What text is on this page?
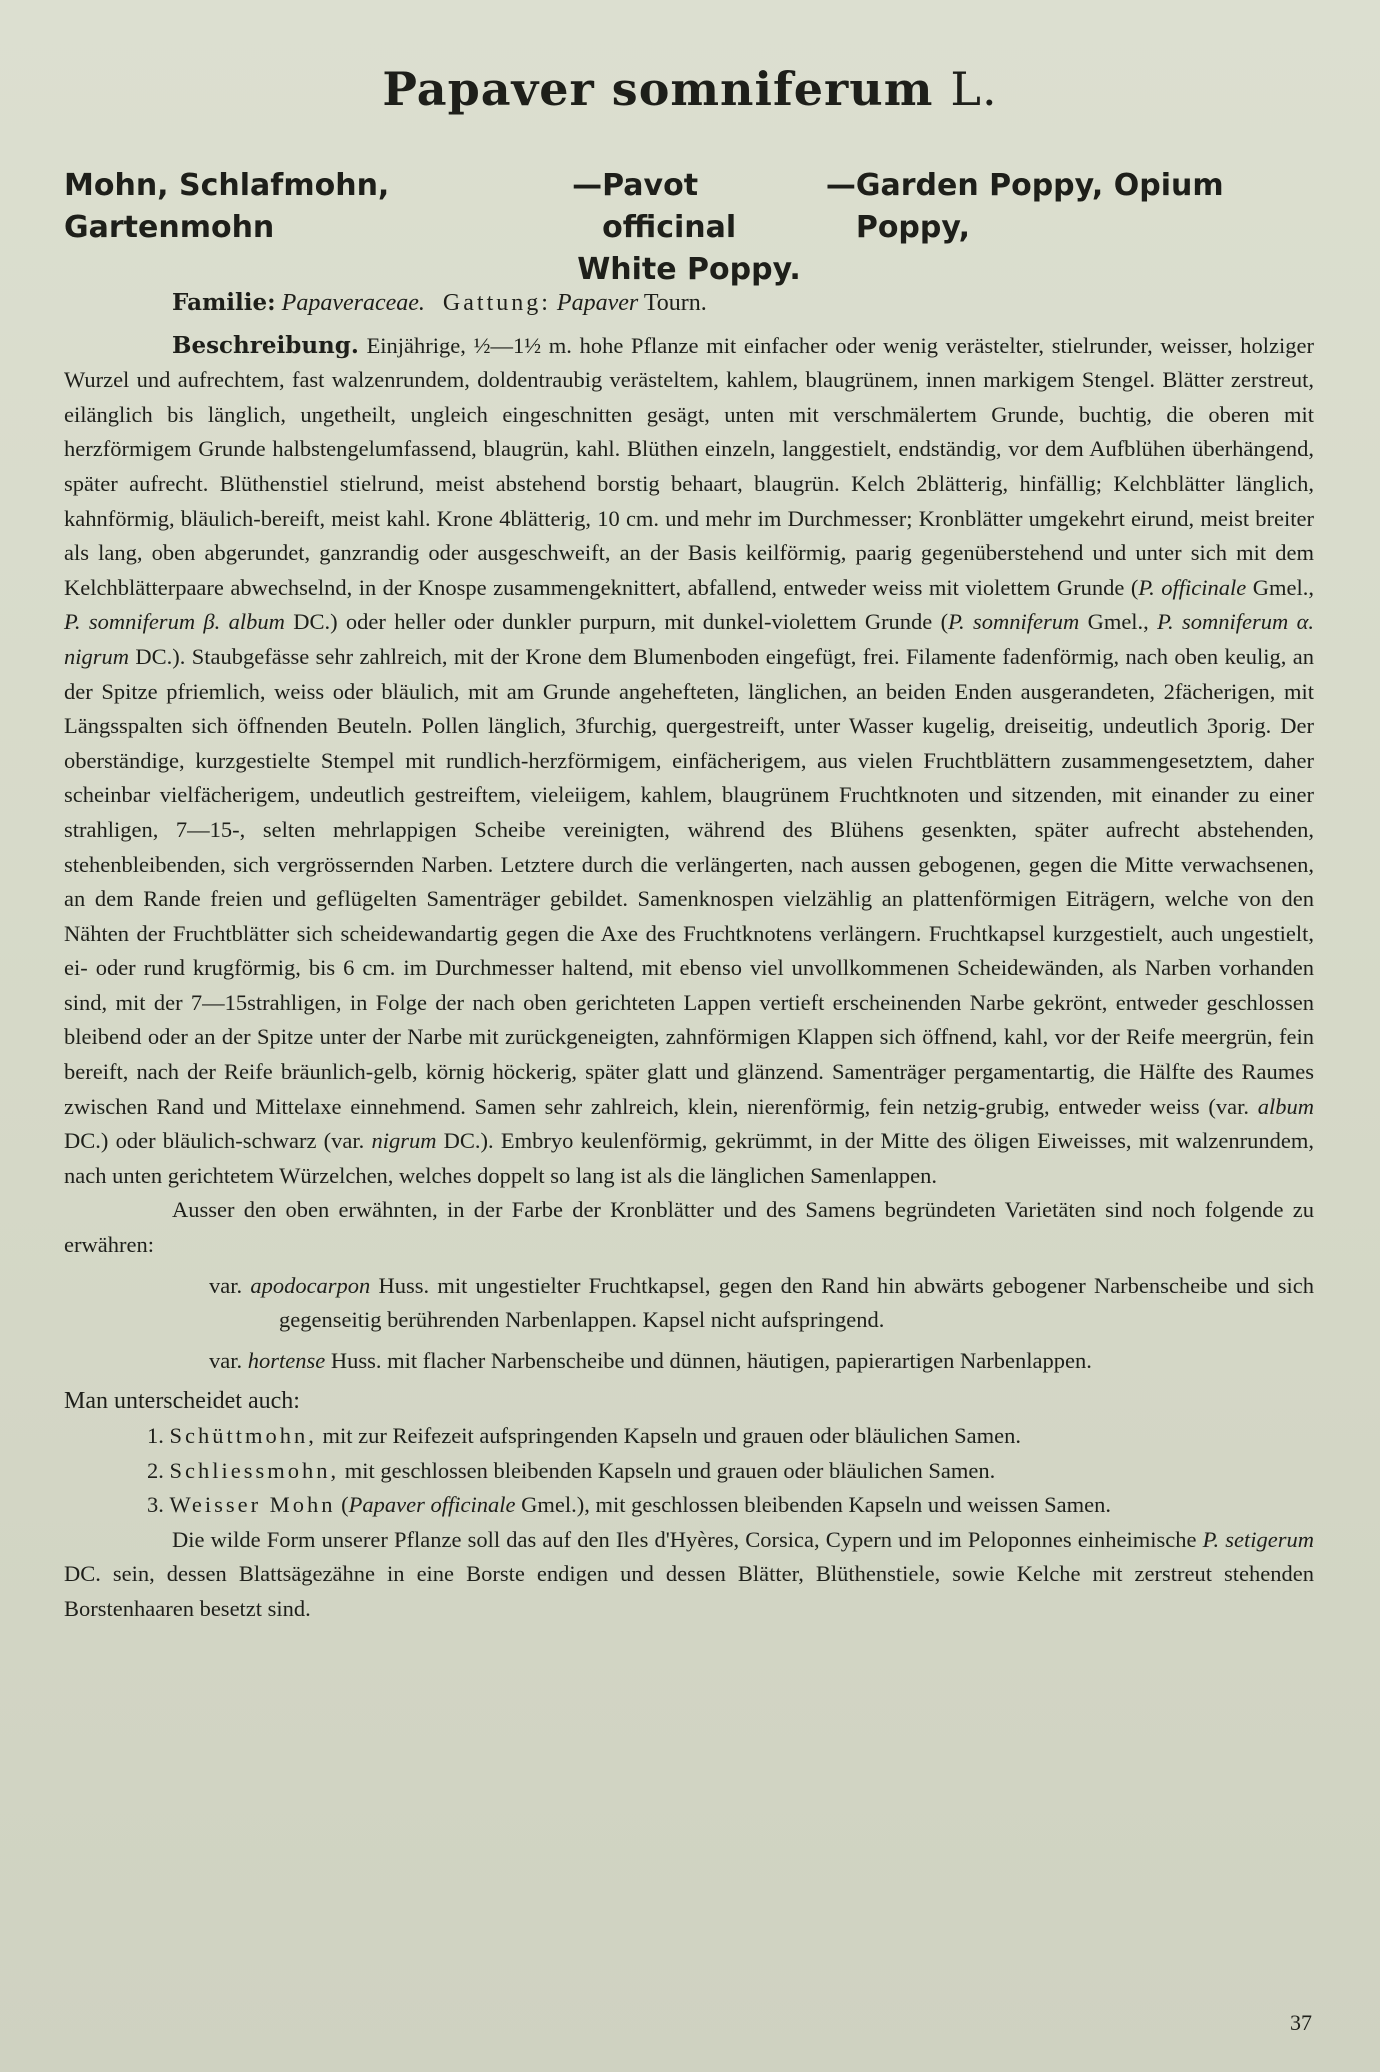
Papaver somniferum L.
Mohn, Schlafmohn, Gartenmohn
— Pavot officinal
— Garden Poppy, Opium Poppy,
White Poppy.

Familie: Papaveraceae. Gattung: Papaver Tourn.

Beschreibung. Einjährige, ½—1½ m. hohe Pflanze mit einfacher oder wenig verästelter, stielrunder, weisser, holziger Wurzel und aufrechtem, fast walzenrundem, doldentraubig verästeltem, kahlem, blaugrünem, innen markigem Stengel. Blätter zerstreut, eilänglich bis länglich, ungetheilt, ungleich eingeschnitten gesägt, unten mit verschmälertem Grunde, buchtig, die oberen mit herzförmigem Grunde halbstengelumfassend, blaugrün, kahl. Blüthen einzeln, langgestielt, endständig, vor dem Aufblühen überhängend, später aufrecht. Blüthenstiel stielrund, meist abstehend borstig behaart, blaugrün. Kelch 2blätterig, hinfällig; Kelchblätter länglich, kahnförmig, bläulich-bereift, meist kahl. Krone 4blätterig, 10 cm. und mehr im Durchmesser; Kronblätter umgekehrt eirund, meist breiter als lang, oben abgerundet, ganzrandig oder ausgeschweift, an der Basis keilförmig, paarig gegenüberstehend und unter sich mit dem Kelchblätterpaare abwechselnd, in der Knospe zusammengeknittert, abfallend, entweder weiss mit violettem Grunde (P. officinale Gmel., P. somniferum β. album DC.) oder heller oder dunkler purpurn, mit dunkel-violettem Grunde (P. somniferum Gmel., P. somniferum α. nigrum DC.). Staubgefässe sehr zahlreich, mit der Krone dem Blumenboden eingefügt, frei. Filamente fadenförmig, nach oben keulig, an der Spitze pfriemlich, weiss oder bläulich, mit am Grunde angehefteten, länglichen, an beiden Enden ausgerandeten, 2fächerigen, mit Längsspalten sich öffnenden Beuteln. Pollen länglich, 3furchig, quergestreift, unter Wasser kugelig, dreiseitig, undeutlich 3porig. Der oberständige, kurzgestielte Stempel mit rundlich-herzförmigem, einfächerigem, aus vielen Fruchtblättern zusammengesetztem, daher scheinbar vielfächerigem, undeutlich gestreiftem, vieleiigem, kahlem, blaugrünem Fruchtknoten und sitzenden, mit einander zu einer strahligen, 7—15-, selten mehrlappigen Scheibe vereinigten, während des Blühens gesenkten, später aufrecht abstehenden, stehenbleibenden, sich vergrössernden Narben. Letztere durch die verlängerten, nach aussen gebogenen, gegen die Mitte verwachsenen, an dem Rande freien und geflügelten Samenträger gebildet. Samenknospen vielzählig an plattenförmigen Eiträgern, welche von den Nähten der Fruchtblätter sich scheidewandartig gegen die Axe des Fruchtknotens verlängern. Fruchtkapsel kurzgestielt, auch ungestielt, ei- oder rund krugförmig, bis 6 cm. im Durchmesser haltend, mit ebenso viel unvollkommenen Scheidewänden, als Narben vorhanden sind, mit der 7—15strahligen, in Folge der nach oben gerichteten Lappen vertieft erscheinenden Narbe gekrönt, entweder geschlossen bleibend oder an der Spitze unter der Narbe mit zurückgeneigten, zahnförmigen Klappen sich öffnend, kahl, vor der Reife meergrün, fein bereift, nach der Reife bräunlich-gelb, körnig höckerig, später glatt und glänzend. Samenträger pergamentartig, die Hälfte des Raumes zwischen Rand und Mittelaxe einnehmend. Samen sehr zahlreich, klein, nierenförmig, fein netzig-grubig, entweder weiss (var. album DC.) oder bläulich-schwarz (var. nigrum DC.). Embryo keulenförmig, gekrümmt, in der Mitte des öligen Eiweisses, mit walzenrundem, nach unten gerichtetem Würzelchen, welches doppelt so lang ist als die länglichen Samenlappen.

Ausser den oben erwähnten, in der Farbe der Kronblätter und des Samens begründeten Varietäten sind noch folgende zu erwähren:

var. apodocarpon Huss. mit ungestielter Fruchtkapsel, gegen den Rand hin abwärts gebogener Narbenscheibe und sich gegenseitig berührenden Narbenlappen. Kapsel nicht aufspringend.

var. hortense Huss. mit flacher Narbenscheibe und dünnen, häutigen, papierartigen Narbenlappen.

Man unterscheidet auch:

1. Schüttmohn, mit zur Reifezeit aufspringenden Kapseln und grauen oder bläulichen Samen.

2. Schliessmohn, mit geschlossen bleibenden Kapseln und grauen oder bläulichen Samen.

3. Weisser Mohn (Papaver officinale Gmel.), mit geschlossen bleibenden Kapseln und weissen Samen.

Die wilde Form unserer Pflanze soll das auf den Iles d'Hyères, Corsica, Cypern und im Peloponnes einheimische P. setigerum DC. sein, dessen Blattsägezähne in eine Borste endigen und dessen Blätter, Blüthenstiele, sowie Kelche mit zerstreut stehenden Borstenhaaren besetzt sind.

37
